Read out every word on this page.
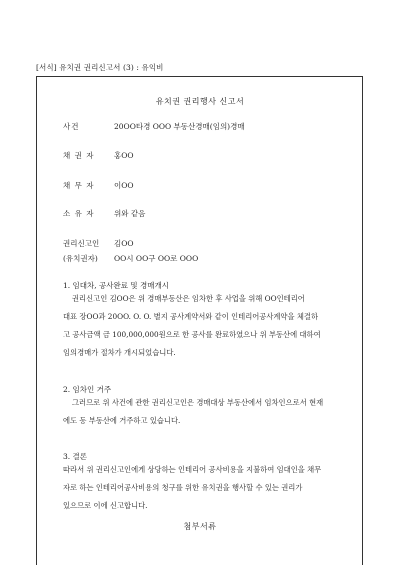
[서식] 유치권 권리신고서 (3) : 유익비
유치권 권리행사 신고서
사건	20OO타경 OOO 부동산경매(임의)경매
채 권 자	홍OO
채 무 자	이OO
소 유 자	위와 같음
권리신고인 김OO
(유치권자) OO시 OO구 OO로 OOO
1. 임대차, 공사완료 및 경매개시
권리신고인 김OO은 위 경매부동산은 임차한 후 사업을 위해 OO인테리어
대표 장OO과 20OO. O. O. 별지 공사계약서와 같이 인테리어공사계약을 체결하
고 공사금액 금 100,000,000원으로 한 공사를 완료하였으나 위 부동산에 대하여
임의경매가 절차가 개시되었습니다.
2. 임차인 거주
그러므로 위 사건에 관한 권리신고인은 경매대상 부동산에서 임차인으로서 현재
에도 동 부동산에 거주하고 있습니다.
3. 결론
따라서 위 권리신고인에게 상당하는 인테리어 공사비용을 지불하여 임대인을 채무
자로 하는 인테리어공사비용의 청구를 위한 유치권을 행사할 수 있는 권리가
있으므로 이에 신고합니다.
첨부서류
